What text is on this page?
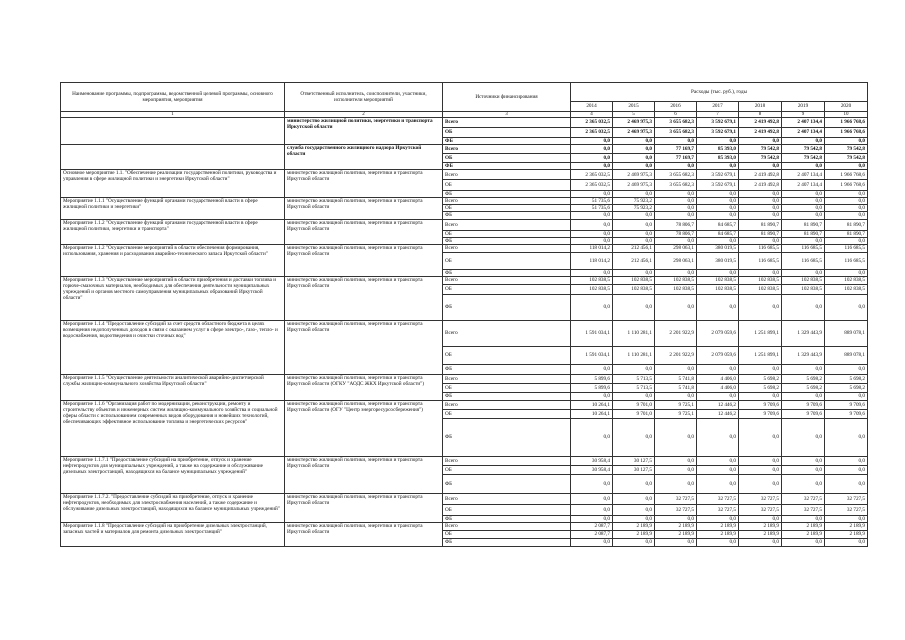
Наименование программы, подпрограммы, ведомственной целевой программы, основного мероприятия, мероприятия	Ответственный исполнитель, соисполнители, участники, исполнители мероприятий	Источники финансирования	Расходы (тыс. руб.), годы						
			2014	2015	2016	2017	2018	2019	2020
1	2	3	4	5	6	7	8	9	10
	министерство жилищной политики, энергетики и транспорта Иркутской области	Всего	2 365 032,5	2 469 975,3	3 655 682,3	3 592 679,1	2 419 492,8	2 407 134,4	1 966 768,6
		ОБ	2 365 032,5	2 469 975,3	3 655 682,3	3 592 679,1	2 419 492,8	2 407 134,4	1 966 768,6
		ФБ	0,0	0,0	0,0	0,0	0,0	0,0	0,0
	служба государственного жилищного надзора Иркутской области	Всего	0,0	0,0	77 169,7	85 393,0	79 542,8	79 542,8	79 542,8
		ОБ	0,0	0,0	77 169,7	85 393,0	79 542,8	79 542,8	79 542,8
		ФБ	0,0	0,0	0,0	0,0	0,0	0,0	0,0
Основное мероприятие 1.1. "Обеспечение реализации государственной политики, руководства и управления в сфере жилищной политики и энергетики Иркутской области"	министерство жилищной политики, энергетики и транспорта Иркутской области	Всего	2 365 032,5	2 469 975,3	3 655 682,3	3 592 679,1	2 419 492,8	2 407 134,4	1 966 768,6
		ОБ	2 365 032,5	2 469 975,3	3 655 682,3	3 592 679,1	2 419 492,8	2 407 134,4	1 966 768,6
		ФБ	0,0	0,0	0,0	0,0	0,0	0,0	0,0
Мероприятие 1.1.1 "Осуществление функций органами государственной власти в сфере жилищной политики и энергетики"	министерство жилищной политики, энергетики и транспорта Иркутской области	Всего	51 735,6	75 923,2	0,0	0,0	0,0	0,0	0,0
		ОБ	51 735,6	75 923,2	0,0	0,0	0,0	0,0	0,0
		ФБ	0,0	0,0	0,0	0,0	0,0	0,0	0,0
Мероприятие 1.1.2 "Осуществление функций органами государственной власти в сфере жилищной политики, энергетики и транспорта"	министерство жилищной политики, энергетики и транспорта Иркутской области	Всего	0,0	0,0	78 806,7	84 685,7	81 890,7	81 890,7	81 890,7
		ОБ	0,0	0,0	78 806,7	84 685,7	81 890,7	81 890,7	81 890,7
		ФБ	0,0	0,0	0,0	0,0	0,0	0,0	0,0
Мероприятие 1.1.2 "Осуществление мероприятий в области обеспечения формирования, использования, хранения и расходования аварийно-технического запаса Иркутской области"	министерство жилищной политики, энергетики и транспорта Иркутской области	Всего	118 014,2	212 456,1	298 063,1	380 019,5	116 685,5	116 685,5	116 685,5
		ОБ	118 014,2	212 456,1	298 063,1	380 019,5	116 685,5	116 685,5	116 685,5
		ФБ	0,0	0,0	0,0	0,0	0,0	0,0	0,0
Мероприятие 1.1.3 "Осуществление мероприятий в области приобретения и доставки топлива и горюче-смазочных материалов, необходимых для обеспечения деятельности муниципальных учреждений и органов местного самоуправления муниципальных образований Иркутской области"	министерство жилищной политики, энергетики и транспорта Иркутской области	Всего	102 838,5	102 838,5	102 838,5	102 838,5	102 838,5	102 838,5	102 838,5
		ОБ	102 838,5	102 838,5	102 838,5	102 838,5	102 838,5	102 838,5	102 838,5
		ФБ	0,0	0,0	0,0	0,0	0,0	0,0	0,0
Мероприятие 1.1.4 "Предоставление субсидий за счет средств областного бюджета в целях возмещения недополученных доходов в связи с оказанием услуг в сфере электро-, газо-, тепло- и водоснабжения, водоотведения и очистки сточных вод"	министерство жилищной политики, энергетики и транспорта Иркутской области	Всего	1 591 034,1	1 110 281,1	2 201 922,9	2 079 059,6	1 251 899,1	1 329 443,9	889 078,1
		ОБ	1 591 034,1	1 110 281,1	2 201 922,9	2 079 059,6	1 251 899,1	1 329 443,9	889 078,1
		ФБ	0,0	0,0	0,0	0,0	0,0	0,0	0,0
Мероприятие 1.1.5 "Осуществление деятельности аналитической аварийно-диспетчерской службы жилищно-коммунального хозяйства Иркутской области"	министерство жилищной политики, энергетики и транспорта Иркутской области (ОГКУ "АОДС ЖКХ Иркутской области")	Всего	5 899,6	5 713,5	5 741,8	4 406,0	5 698,2	5 698,2	5 698,2
		ОБ	5 899,6	5 713,5	5 741,8	4 406,0	5 698,2	5 698,2	5 698,2
		ФБ	0,0	0,0	0,0	0,0	0,0	0,0	0,0
Мероприятие 1.1.6 "Организация работ по модернизации, реконструкции, ремонту и строительству объектов и инженерных систем жилищно-коммунального хозяйства и социальной сферы области с использованием современных видов оборудования и новейших технологий, обеспечивающих эффективное использование топлива и энергетических ресурсов"	министерство жилищной политики, энергетики и транспорта Иркутской области (ОГУ "Центр энергоресурсосбережения")	Всего	10 264,1	9 701,0	9 725,1	12 446,2	9 709,6	9 709,6	9 709,6
		ОБ	10 264,1	9 701,0	9 725,1	12 446,2	9 709,6	9 709,6	9 709,6
		ФБ	0,0	0,0	0,0	0,0	0,0	0,0	0,0
Мероприятие 1.1.7.1 "Предоставление субсидий на приобретение, отпуск и хранение нефтепродуктов для муниципальных учреждений, а также на содержание и обслуживание дизельных электростанций, находящихся на балансе муниципальных учреждений"	министерство жилищной политики, энергетики и транспорта Иркутской области	Всего	30 958,4	30 127,5	0,0	0,0	0,0	0,0	0,0
		ОБ	30 958,4	30 127,5	0,0	0,0	0,0	0,0	0,0
		ФБ	0,0	0,0	0,0	0,0	0,0	0,0	0,0
Мероприятие 1.1.7.2. "Предоставление субсидий на приобретение, отпуск и хранение нефтепродуктов, необходимых для электроснабжения населений, а также содержание и обслуживание дизельных электростанций, находящихся на балансе муниципальных учреждений"	министерство жилищной политики, энергетики и транспорта Иркутской области	Всего	0,0	0,0	32 727,5	32 727,5	32 727,5	32 727,5	32 727,5
		ОБ	0,0	0,0	32 727,5	32 727,5	32 727,5	32 727,5	32 727,5
		ФБ	0,0	0,0	0,0	0,0	0,0	0,0	0,0
Мероприятие 1.1.8 "Предоставление субсидий на приобретение дизельных электростанций, запасных частей и материалов для ремонта дизельных электростанций"	министерство жилищной политики, энергетики и транспорта Иркутской области	Всего	2 087,7	2 189,9	2 189,9	2 189,9	2 189,9	2 189,9	2 189,9
		ОБ	2 087,7	2 189,9	2 189,9	2 189,9	2 189,9	2 189,9	2 189,9
		ФБ	0,0	0,0	0,0	0,0	0,0	0,0	0,0
